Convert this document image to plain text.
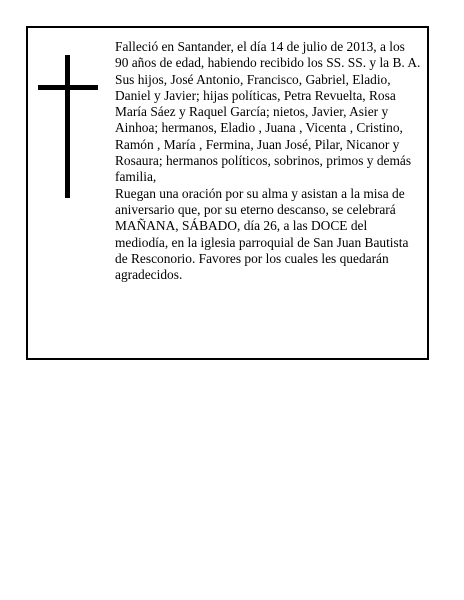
Falleció en Santander, el día 14 de julio de 2013, a los 90 años de edad, habiendo recibido los SS. SS. y la B. A.

Sus hijos, José Antonio, Francisco, Gabriel, Eladio, Daniel y Javier; hijas políticas, Petra Revuelta, Rosa María Sáez y Raquel García; nietos, Javier, Asier y Ainhoa; hermanos, Eladio , Juana , Vicenta , Cristino, Ramón , María , Fermina, Juan José, Pilar, Nicanor y Rosaura; hermanos políticos, sobrinos, primos y demás familia,

Ruegan una oración por su alma y asistan a la misa de aniversario que, por su eterno descanso, se celebrará MAÑANA, SÁBADO, día 26, a las DOCE del mediodía, en la iglesia parroquial de San Juan Bautista de Resconorio. Favores por los cuales les quedarán agradecidos.
